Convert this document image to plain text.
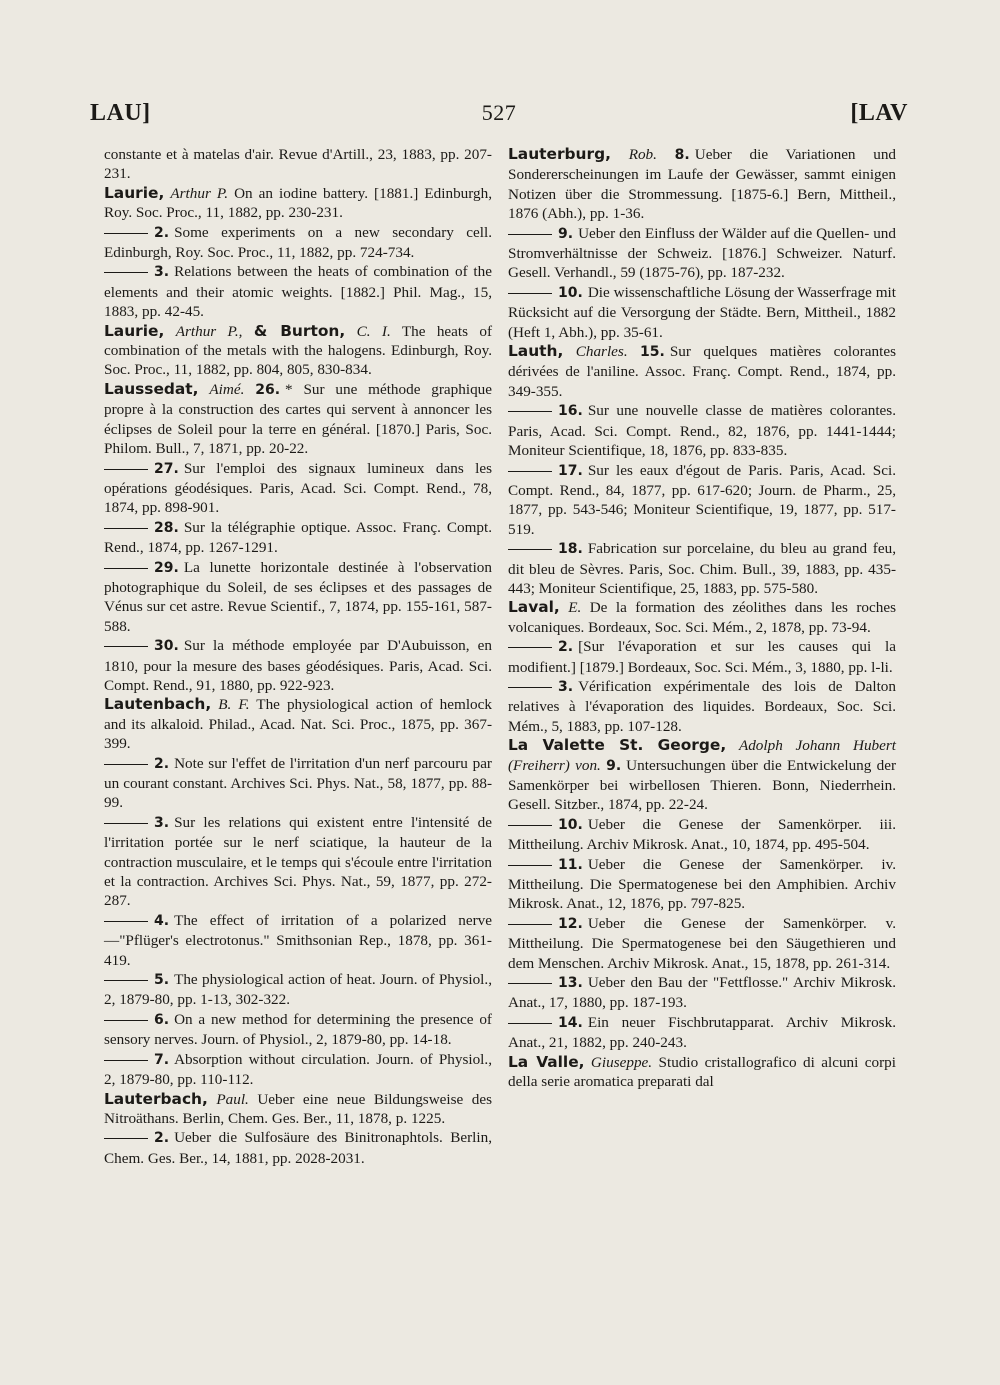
LAU]	527	[LAV

constante et à matelas d'air. Revue d'Artill., 23, 1883, pp. 207-231.

Laurie, Arthur P. On an iodine battery. [1881.] Edinburgh, Roy. Soc. Proc., 11, 1882, pp. 230-231.

2. Some experiments on a new secondary cell. Edinburgh, Roy. Soc. Proc., 11, 1882, pp. 724-734.

3. Relations between the heats of combination of the elements and their atomic weights. [1882.] Phil. Mag., 15, 1883, pp. 42-45.

Laurie, Arthur P., & Burton, C. I. The heats of combination of the metals with the halogens. Edinburgh, Roy. Soc. Proc., 11, 1882, pp. 804, 805, 830-834.

Laussedat, Aimé. 26. * Sur une méthode graphique propre à la construction des cartes qui servent à annoncer les éclipses de Soleil pour la terre en général. [1870.] Paris, Soc. Philom. Bull., 7, 1871, pp. 20-22.

27. Sur l'emploi des signaux lumineux dans les opérations géodésiques. Paris, Acad. Sci. Compt. Rend., 78, 1874, pp. 898-901.

28. Sur la télégraphie optique. Assoc. Franç. Compt. Rend., 1874, pp. 1267-1291.

29. La lunette horizontale destinée à l'observation photographique du Soleil, de ses éclipses et des passages de Vénus sur cet astre. Revue Scientif., 7, 1874, pp. 155-161, 587-588.

30. Sur la méthode employée par D'Aubuisson, en 1810, pour la mesure des bases géodésiques. Paris, Acad. Sci. Compt. Rend., 91, 1880, pp. 922-923.

Lautenbach, B. F. The physiological action of hemlock and its alkaloid. Philad., Acad. Nat. Sci. Proc., 1875, pp. 367-399.

2. Note sur l'effet de l'irritation d'un nerf parcouru par un courant constant. Archives Sci. Phys. Nat., 58, 1877, pp. 88-99.

3. Sur les relations qui existent entre l'intensité de l'irritation portée sur le nerf sciatique, la hauteur de la contraction musculaire, et le temps qui s'écoule entre l'irritation et la contraction. Archives Sci. Phys. Nat., 59, 1877, pp. 272-287.

4. The effect of irritation of a polarized nerve—"Pflüger's electrotonus." Smithsonian Rep., 1878, pp. 361-419.

5. The physiological action of heat. Journ. of Physiol., 2, 1879-80, pp. 1-13, 302-322.

6. On a new method for determining the presence of sensory nerves. Journ. of Physiol., 2, 1879-80, pp. 14-18.

7. Absorption without circulation. Journ. of Physiol., 2, 1879-80, pp. 110-112.

Lauterbach, Paul. Ueber eine neue Bildungsweise des Nitroäthans. Berlin, Chem. Ges. Ber., 11, 1878, p. 1225.

2. Ueber die Sulfosäure des Binitronaphtols. Berlin, Chem. Ges. Ber., 14, 1881, pp. 2028-2031.

Lauterburg, Rob. 8. Ueber die Variationen und Sondererscheinungen im Laufe der Gewässer, sammt einigen Notizen über die Strommessung. [1875-6.] Bern, Mittheil., 1876 (Abh.), pp. 1-36.

9. Ueber den Einfluss der Wälder auf die Quellen- und Stromverhältnisse der Schweiz. [1876.] Schweizer. Naturf. Gesell. Verhandl., 59 (1875-76), pp. 187-232.

10. Die wissenschaftliche Lösung der Wasserfrage mit Rücksicht auf die Versorgung der Städte. Bern, Mittheil., 1882 (Heft 1, Abh.), pp. 35-61.

Lauth, Charles. 15. Sur quelques matières colorantes dérivées de l'aniline. Assoc. Franç. Compt. Rend., 1874, pp. 349-355.

16. Sur une nouvelle classe de matières colorantes. Paris, Acad. Sci. Compt. Rend., 82, 1876, pp. 1441-1444; Moniteur Scientifique, 18, 1876, pp. 833-835.

17. Sur les eaux d'égout de Paris. Paris, Acad. Sci. Compt. Rend., 84, 1877, pp. 617-620; Journ. de Pharm., 25, 1877, pp. 543-546; Moniteur Scientifique, 19, 1877, pp. 517-519.

18. Fabrication sur porcelaine, du bleu au grand feu, dit bleu de Sèvres. Paris, Soc. Chim. Bull., 39, 1883, pp. 435-443; Moniteur Scientifique, 25, 1883, pp. 575-580.

Laval, E. De la formation des zéolithes dans les roches volcaniques. Bordeaux, Soc. Sci. Mém., 2, 1878, pp. 73-94.

2. [Sur l'évaporation et sur les causes qui la modifient.] [1879.] Bordeaux, Soc. Sci. Mém., 3, 1880, pp. l-li.

3. Vérification expérimentale des lois de Dalton relatives à l'évaporation des liquides. Bordeaux, Soc. Sci. Mém., 5, 1883, pp. 107-128.

La Valette St. George, Adolph Johann Hubert (Freiherr) von. 9. Untersuchungen über die Entwickelung der Samenkörper bei wirbellosen Thieren. Bonn, Niederrhein. Gesell. Sitzber., 1874, pp. 22-24.

10. Ueber die Genese der Samenkörper. iii. Mittheilung. Archiv Mikrosk. Anat., 10, 1874, pp. 495-504.

11. Ueber die Genese der Samenkörper. iv. Mittheilung. Die Spermatogenese bei den Amphibien. Archiv Mikrosk. Anat., 12, 1876, pp. 797-825.

12. Ueber die Genese der Samenkörper. v. Mittheilung. Die Spermatogenese bei den Säugethieren und dem Menschen. Archiv Mikrosk. Anat., 15, 1878, pp. 261-314.

13. Ueber den Bau der "Fettflosse." Archiv Mikrosk. Anat., 17, 1880, pp. 187-193.

14. Ein neuer Fischbrutapparat. Archiv Mikrosk. Anat., 21, 1882, pp. 240-243.

La Valle, Giuseppe. Studio cristallografico di alcuni corpi della serie aromatica preparati dal
